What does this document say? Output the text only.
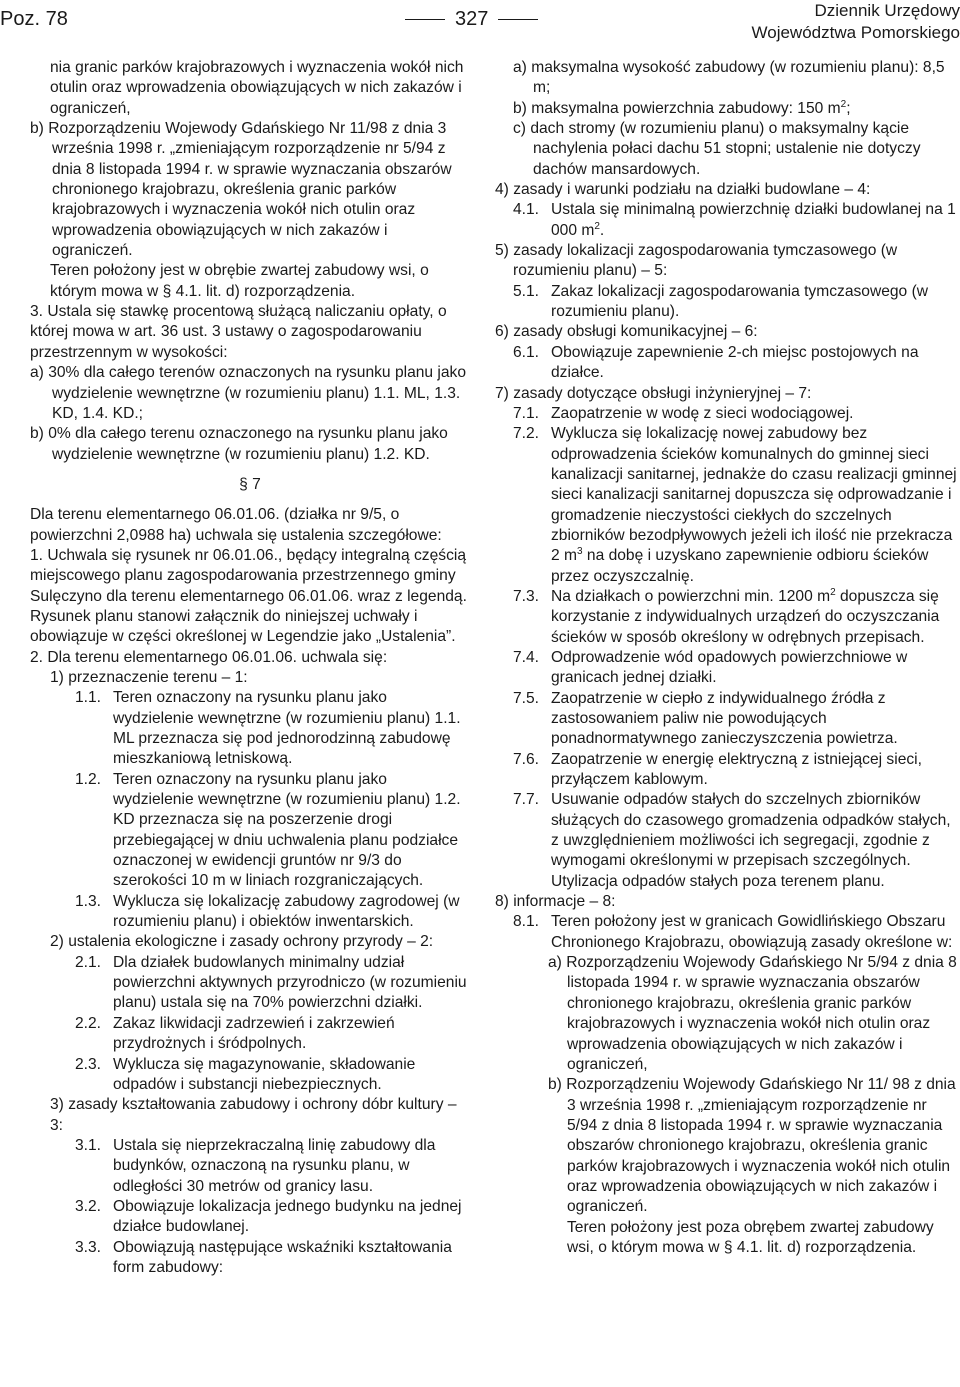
Poz. 78	327	Dziennik Urzędowy
Województwa Pomorskiego

nia granic parków krajobrazowych i wyznaczenia wokół nich otulin oraz wprowadzenia obowiązujących w nich zakazów i ograniczeń,

b) Rozporządzeniu Wojewody Gdańskiego Nr 11/98 z dnia 3 września 1998 r. „zmieniającym rozporządzenie nr 5/94 z dnia 8 listopada 1994 r. w sprawie wyznaczania obszarów chronionego krajobrazu, określenia granic parków krajobrazowych i wyznaczenia wokół nich otulin oraz wprowadzenia obowiązujących w nich zakazów i ograniczeń.

Teren położony jest w obrębie zwartej zabudowy wsi, o którym mowa w § 4.1. lit. d) rozporządzenia.

3. Ustala się stawkę procentową służącą naliczaniu opłaty, o której mowa w art. 36 ust. 3 ustawy o zagospodarowaniu przestrzennym w wysokości:

a) 30% dla całego terenów oznaczonych na rysunku planu jako wydzielenie wewnętrzne (w rozumieniu planu) 1.1. ML, 1.3. KD, 1.4. KD.;

b) 0% dla całego terenu oznaczonego na rysunku planu jako wydzielenie wewnętrzne (w rozumieniu planu) 1.2. KD.

§ 7

Dla terenu elementarnego 06.01.06. (działka nr 9/5, o powierzchni 2,0988 ha) uchwala się ustalenia szczegółowe:

1. Uchwala się rysunek nr 06.01.06., będący integralną częścią miejscowego planu zagospodarowania przestrzennego gminy Sulęczyno dla terenu elementarnego 06.01.06. wraz z legendą. Rysunek planu stanowi załącznik do niniejszej uchwały i obowiązuje w części określonej w Legendzie jako „Ustalenia”.

2. Dla terenu elementarnego 06.01.06. uchwala się:

1) przeznaczenie terenu – 1:

1.1. Teren oznaczony na rysunku planu jako wydzielenie wewnętrzne (w rozumieniu planu) 1.1. ML przeznacza się pod jednorodzinną zabudowę mieszkaniową letniskową.

1.2. Teren oznaczony na rysunku planu jako wydzielenie wewnętrzne (w rozumieniu planu) 1.2. KD przeznacza się na poszerzenie drogi przebiegającej w dniu uchwalenia planu podziałce oznaczonej w ewidencji gruntów nr 9/3 do szerokości 10 m w liniach rozgraniczających.

1.3. Wyklucza się lokalizację zabudowy zagrodowej (w rozumieniu planu) i obiektów inwentarskich.

2) ustalenia ekologiczne i zasady ochrony przyrody – 2:

2.1. Dla działek budowlanych minimalny udział powierzchni aktywnych przyrodniczo (w rozumieniu planu) ustala się na 70% powierzchni działki.

2.2. Zakaz likwidacji zadrzewień i zakrzewień przydrożnych i śródpolnych.

2.3. Wyklucza się magazynowanie, składowanie odpadów i substancji niebezpiecznych.

3) zasady kształtowania zabudowy i ochrony dóbr kultury – 3:

3.1. Ustala się nieprzekraczalną linię zabudowy dla budynków, oznaczoną na rysunku planu, w odległości 30 metrów od granicy lasu.

3.2. Obowiązuje lokalizacja jednego budynku na jednej działce budowlanej.

3.3. Obowiązują następujące wskaźniki kształtowania form zabudowy:

a) maksymalna wysokość zabudowy (w rozumieniu planu): 8,5 m;

b) maksymalna powierzchnia zabudowy: 150 $m^2$;

c) dach stromy (w rozumieniu planu) o maksymalny kącie nachylenia połaci dachu 51 stopni; ustalenie nie dotyczy dachów mansardowych.

4) zasady i warunki podziału na działki budowlane – 4:

4.1. Ustala się minimalną powierzchnię działki budowlanej na 1 000 $m^2$.

5) zasady lokalizacji zagospodarowania tymczasowego (w rozumieniu planu) – 5:

5.1. Zakaz lokalizacji zagospodarowania tymczasowego (w rozumieniu planu).

6) zasady obsługi komunikacyjnej – 6:

6.1. Obowiązuje zapewnienie 2-ch miejsc postojowych na działce.

7) zasady dotyczące obsługi inżynieryjnej – 7:

7.1. Zaopatrzenie w wodę z sieci wodociągowej.

7.2. Wyklucza się lokalizację nowej zabudowy bez odprowadzenia ścieków komunalnych do gminnej sieci kanalizacji sanitarnej, jednakże do czasu realizacji gminnej sieci kanalizacji sanitarnej dopuszcza się odprowadzanie i gromadzenie nieczystości ciekłych do szczelnych zbiorników bezodpływowych jeżeli ich ilość nie przekracza 2 $m^3$ na dobę i uzyskano zapewnienie odbioru ścieków przez oczyszczalnię.

7.3. Na działkach o powierzchni min. 1200 $m^2$ dopuszcza się korzystanie z indywidualnych urządzeń do oczyszczania ścieków w sposób określony w odrębnych przepisach.

7.4. Odprowadzenie wód opadowych powierzchniowe w granicach jednej działki.

7.5. Zaopatrzenie w ciepło z indywidualnego źródła z zastosowaniem paliw nie powodujących ponadnormatywnego zanieczyszczenia powietrza.

7.6. Zaopatrzenie w energię elektryczną z istniejącej sieci, przyłączem kablowym.

7.7. Usuwanie odpadów stałych do szczelnych zbiorników służących do czasowego gromadzenia odpadków stałych, z uwzględnieniem możliwości ich segregacji, zgodnie z wymogami określonymi w przepisach szczególnych. Utylizacja odpadów stałych poza terenem planu.

8) informacje – 8:

8.1. Teren położony jest w granicach Gowidlińskiego Obszaru Chronionego Krajobrazu, obowiązują zasady określone w:

a) Rozporządzeniu Wojewody Gdańskiego Nr 5/94 z dnia 8 listopada 1994 r. w sprawie wyznaczania obszarów chronionego krajobrazu, określenia granic parków krajobrazowych i wyznaczenia wokół nich otulin oraz wprowadzenia obowiązujących w nich zakazów i ograniczeń,

b) Rozporządzeniu Wojewody Gdańskiego Nr 11/ 98 z dnia 3 września 1998 r. „zmieniającym rozporządzenie nr 5/94 z dnia 8 listopada 1994 r. w sprawie wyznaczania obszarów chronionego krajobrazu, określenia granic parków krajobrazowych i wyznaczenia wokół nich otulin oraz wprowadzenia obowiązujących w nich zakazów i ograniczeń.

Teren położony jest poza obrębem zwartej zabudowy wsi, o którym mowa w § 4.1. lit. d) rozporządzenia.
